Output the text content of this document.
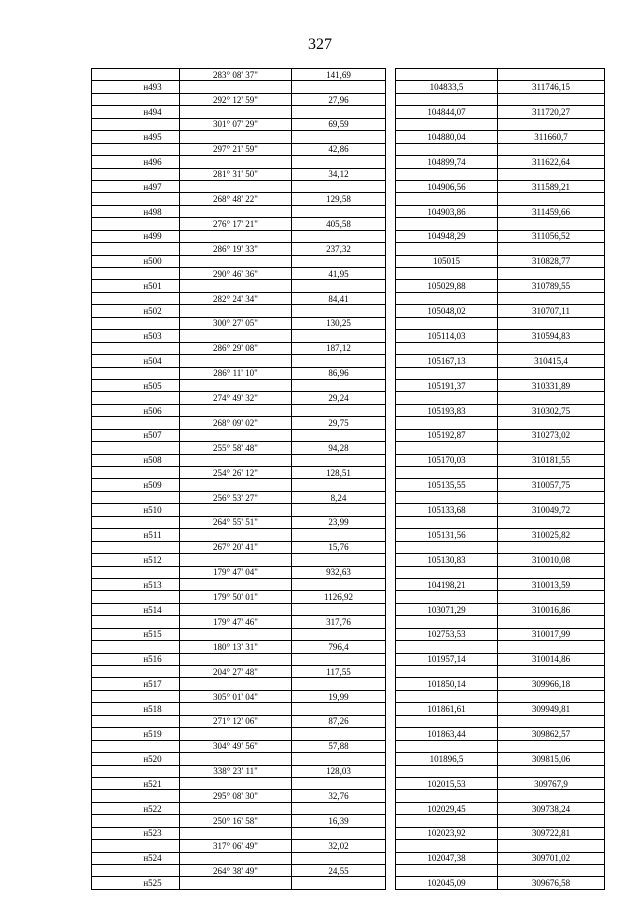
327
	283° 08' 37"	141,69			
н493				104833,5	311746,15
	292° 12' 59"	27,96			
н494				104844,07	311720,27
	301° 07' 29"	69,59			
н495				104880,04	311660,7
	297° 21' 59"	42,86			
н496				104899,74	311622,64
	281° 31' 50"	34,12			
н497				104906,56	311589,21
	268° 48' 22"	129,58			
н498				104903,86	311459,66
	276° 17' 21"	405,58			
н499				104948,29	311056,52
	286° 19' 33"	237,32			
н500				105015	310828,77
	290° 46' 36"	41,95			
н501				105029,88	310789,55
	282° 24' 34"	84,41			
н502				105048,02	310707,11
	300° 27' 05"	130,25			
н503				105114,03	310594,83
	286° 29' 08"	187,12			
н504				105167,13	310415,4
	286° 11' 10"	86,96			
н505				105191,37	310331,89
	274° 49' 32"	29,24			
н506				105193,83	310302,75
	268° 09' 02"	29,75			
н507				105192,87	310273,02
	255° 58' 48"	94,28			
н508				105170,03	310181,55
	254° 26' 12"	128,51			
н509				105135,55	310057,75
	256° 53' 27"	8,24			
н510				105133,68	310049,72
	264° 55' 51"	23,99			
н511				105131,56	310025,82
	267° 20' 41"	15,76			
н512				105130,83	310010,08
	179° 47' 04"	932,63			
н513				104198,21	310013,59
	179° 50' 01"	1126,92			
н514				103071,29	310016,86
	179° 47' 46"	317,76			
н515				102753,53	310017,99
	180° 13' 31"	796,4			
н516				101957,14	310014,86
	204° 27' 48"	117,55			
н517				101850,14	309966,18
	305° 01' 04"	19,99			
н518				101861,61	309949,81
	271° 12' 06"	87,26			
н519				101863,44	309862,57
	304° 49' 56"	57,88			
н520				101896,5	309815,06
	338° 23' 11"	128,03			
н521				102015,53	309767,9
	295° 08' 30"	32,76			
н522				102029,45	309738,24
	250° 16' 58"	16,39			
н523				102023,92	309722,81
	317° 06' 49"	32,02			
н524				102047,38	309701,02
	264° 38' 49"	24,55			
н525				102045,09	309676,58
